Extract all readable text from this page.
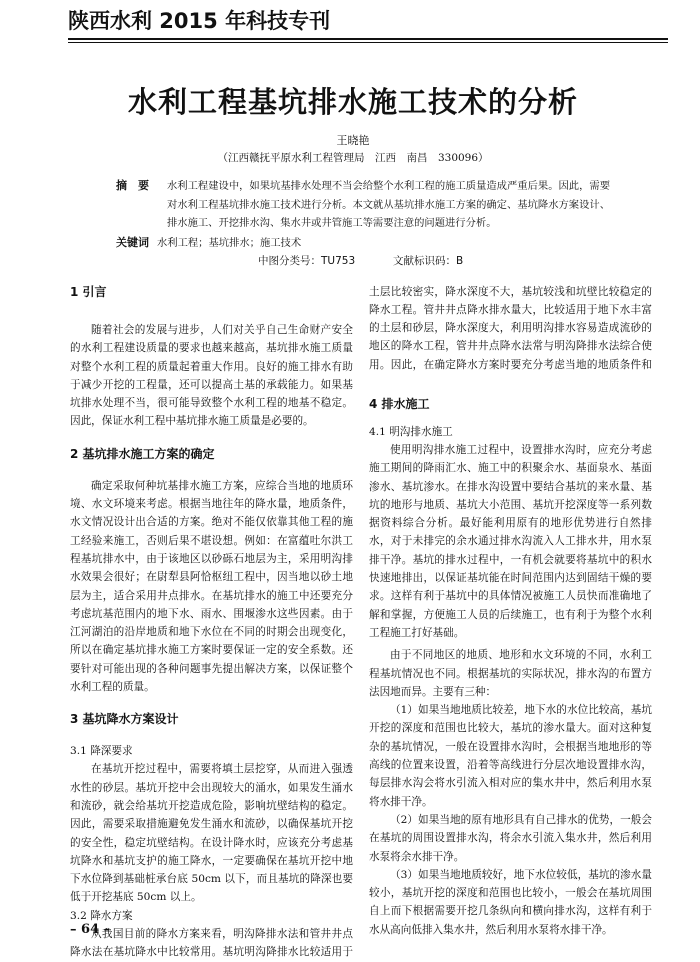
陕西水利 2015 年科技专刊
水利工程基坑排水施工技术的分析
王晓艳
（江西赣抚平原水利工程管理局　江西　南昌　330096）
摘　要	水利工程建设中，如果坑基排水处理不当会给整个水利工程的施工质量造成严重后果。因此，需要对水利工程基坑排水施工技术进行分析。本文就从基坑排水施工方案的确定、基坑降水方案设计、排水施工、开挖排水沟、集水井或井管施工等需要注意的问题进行分析。
关键词 水利工程；基坑排水；施工技术
中图分类号：TU753	文献标识码：B
1 引言

随着社会的发展与进步，人们对关乎自己生命财产安全的水利工程建设质量的要求也越来越高，基坑排水施工质量对整个水利工程的质量起着重大作用。良好的施工排水有助于减少开挖的工程量，还可以提高土基的承载能力。如果基坑排水处理不当，很可能导致整个水利工程的地基不稳定。因此，保证水利工程中基坑排水施工质量是必要的。

2 基坑排水施工方案的确定

确定采取何种坑基排水施工方案，应综合当地的地质环境、水文环境来考虑。根据当地往年的降水量，地质条件，水文情况设计出合适的方案。绝对不能仅依靠其他工程的施工经验来施工，否则后果不堪设想。例如：在富蕴吐尔洪工程基坑排水中，由于该地区以砂砾石地层为主，采用明沟排水效果会很好；在尉犁县阿恰枢纽工程中，因当地以砂土地层为主，适合采用井点排水。在基坑排水的施工中还要充分考虑坑基范围内的地下水、雨水、围堰渗水这些因素。由于江河湖泊的沿岸地质和地下水位在不同的时期会出现变化，所以在确定基坑排水施工方案时要保证一定的安全系数。还要针对可能出现的各种问题事先提出解决方案，以保证整个水利工程的质量。

3 基坑降水方案设计
3.1 降深要求

在基坑开挖过程中，需要将填土层挖穿，从而进入强透水性的砂层。基坑开挖中会出现较大的涌水，如果发生涌水和流砂，就会给基坑开挖造成危险，影响坑壁结构的稳定。因此，需要采取措施避免发生涌水和流砂，以确保基坑开挖的安全性，稳定坑壁结构。在设计降水时，应该充分考虑基坑降水和基坑支护的施工降水，一定要确保在基坑开挖中地下水位降到基础桩承台底 50cm 以下，而且基坑的降深也要低于开挖基底 50cm 以上。

3.2 降水方案

从我国目前的降水方案来看，明沟降排水法和管井井点降水法在基坑降水中比较常用。基坑明沟降排水比较适用于

土层比较密实，降水深度不大，基坑较浅和坑壁比较稳定的降水工程。管井井点降水排水量大，比较适用于地下水丰富的土层和砂层，降水深度大，利用明沟排水容易造成流砂的地区的降水工程，管井井点降水法常与明沟降排水法综合使用。因此，在确定降水方案时要充分考虑当地的地质条件和

4 排水施工
4.1 明沟排水施工

使用明沟排水施工过程中，设置排水沟时，应充分考虑施工期间的降雨汇水、施工中的积聚余水、基面泉水、基面渗水、基坑渗水。在排水沟设置中要结合基坑的来水量、基坑的地形与地质、基坑大小范围、基坑开挖深度等一系列数据资料综合分析。最好能利用原有的地形优势进行自然排水，对于未排完的余水通过排水沟流入人工排水井，用水泵排干净。基坑的排水过程中，一有机会就要将基坑中的积水快速地排出，以保证基坑能在时间范围内达到固结干燥的要求。这样有利于基坑中的具体情况被施工人员快而准确地了解和掌握，方便施工人员的后续施工，也有利于为整个水利工程施工打好基础。

由于不同地区的地质、地形和水文环境的不同，水利工程基坑情况也不同。根据基坑的实际状况，排水沟的布置方法因地而异。主要有三种：

（1）如果当地地质比较差，地下水的水位比较高，基坑开挖的深度和范围也比较大，基坑的渗水量大。面对这种复杂的基坑情况，一般在设置排水沟时，会根据当地地形的等高线的位置来设置，沿着等高线进行分层次地设置排水沟，每层排水沟会将水引流入相对应的集水井中，然后利用水泵将水排干净。

（2）如果当地的原有地形具有自己排水的优势，一般会在基坑的周围设置排水沟，将余水引流入集水井，然后利用水泵将余水排干净。

（3）如果当地地质较好，地下水位较低，基坑的渗水量较小，基坑开挖的深度和范围也比较小，一般会在基坑周围自上而下根据需要开挖几条纵向和横向排水沟，这样有利于水从高向低排入集水井，然后利用水泵将水排干净。

– 64 –
